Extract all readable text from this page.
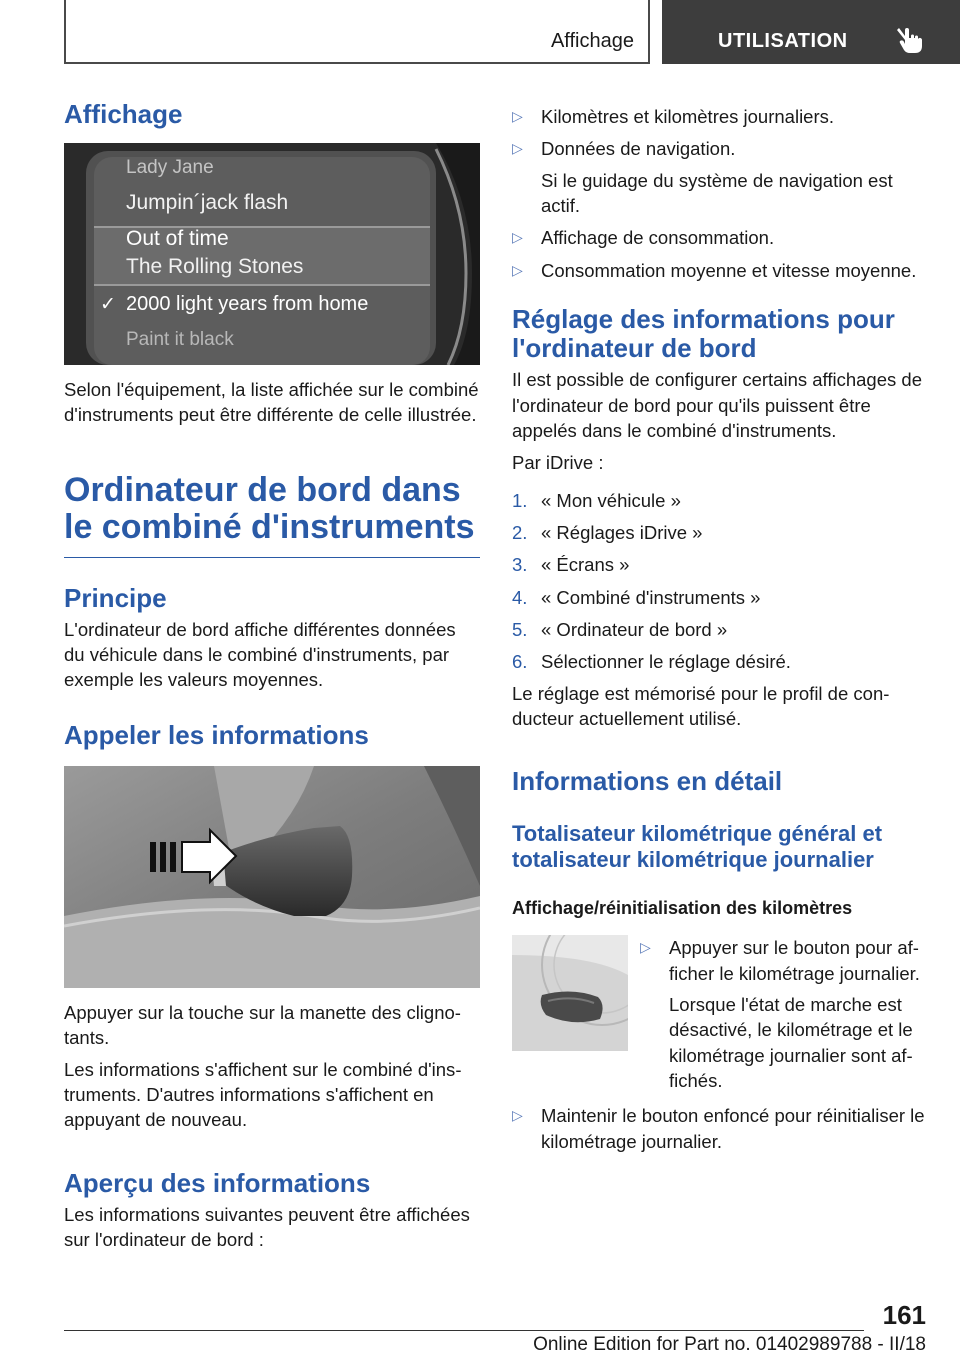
Affichage	UTILISATION
Affichage
Lady Jane
Jumpin´jack flash
Out of time
The Rolling Stones
✓ 2000 light years from home
Paint it black
Selon l'équipement, la liste affichée sur le combiné d'instruments peut être différente de celle illustrée.
Ordinateur de bord dans le combiné d'instruments
Principe
L'ordinateur de bord affiche différentes données du véhicule dans le combiné d'instruments, par exemple les valeurs moyennes.
Appeler les informations
Appuyer sur la touche sur la manette des clignotants.
Les informations s'affichent sur le combiné d'instruments. D'autres informations s'affichent en appuyant de nouveau.
Aperçu des informations
Les informations suivantes peuvent être affichées sur l'ordinateur de bord :
▷ Kilomètres et kilomètres journaliers.
▷ Données de navigation.
Si le guidage du système de navigation est actif.
▷ Affichage de consommation.
▷ Consommation moyenne et vitesse moyenne.
Réglage des informations pour l'ordinateur de bord
Il est possible de configurer certains affichages de l'ordinateur de bord pour qu'ils puissent être appelés dans le combiné d'instruments.
Par iDrive :
1. « Mon véhicule »
2. « Réglages iDrive »
3. « Écrans »
4. « Combiné d'instruments »
5. « Ordinateur de bord »
6. Sélectionner le réglage désiré.
Le réglage est mémorisé pour le profil de conducteur actuellement utilisé.
Informations en détail
Totalisateur kilométrique général et totalisateur kilométrique journalier
Affichage/réinitialisation des kilomètres
▷ Appuyer sur le bouton pour afficher le kilométrage journalier.
Lorsque l'état de marche est désactivé, le kilométrage et le kilométrage journalier sont affichés.
▷ Maintenir le bouton enfoncé pour réinitialiser le kilométrage journalier.
161
Online Edition for Part no. 01402989788 - II/18
